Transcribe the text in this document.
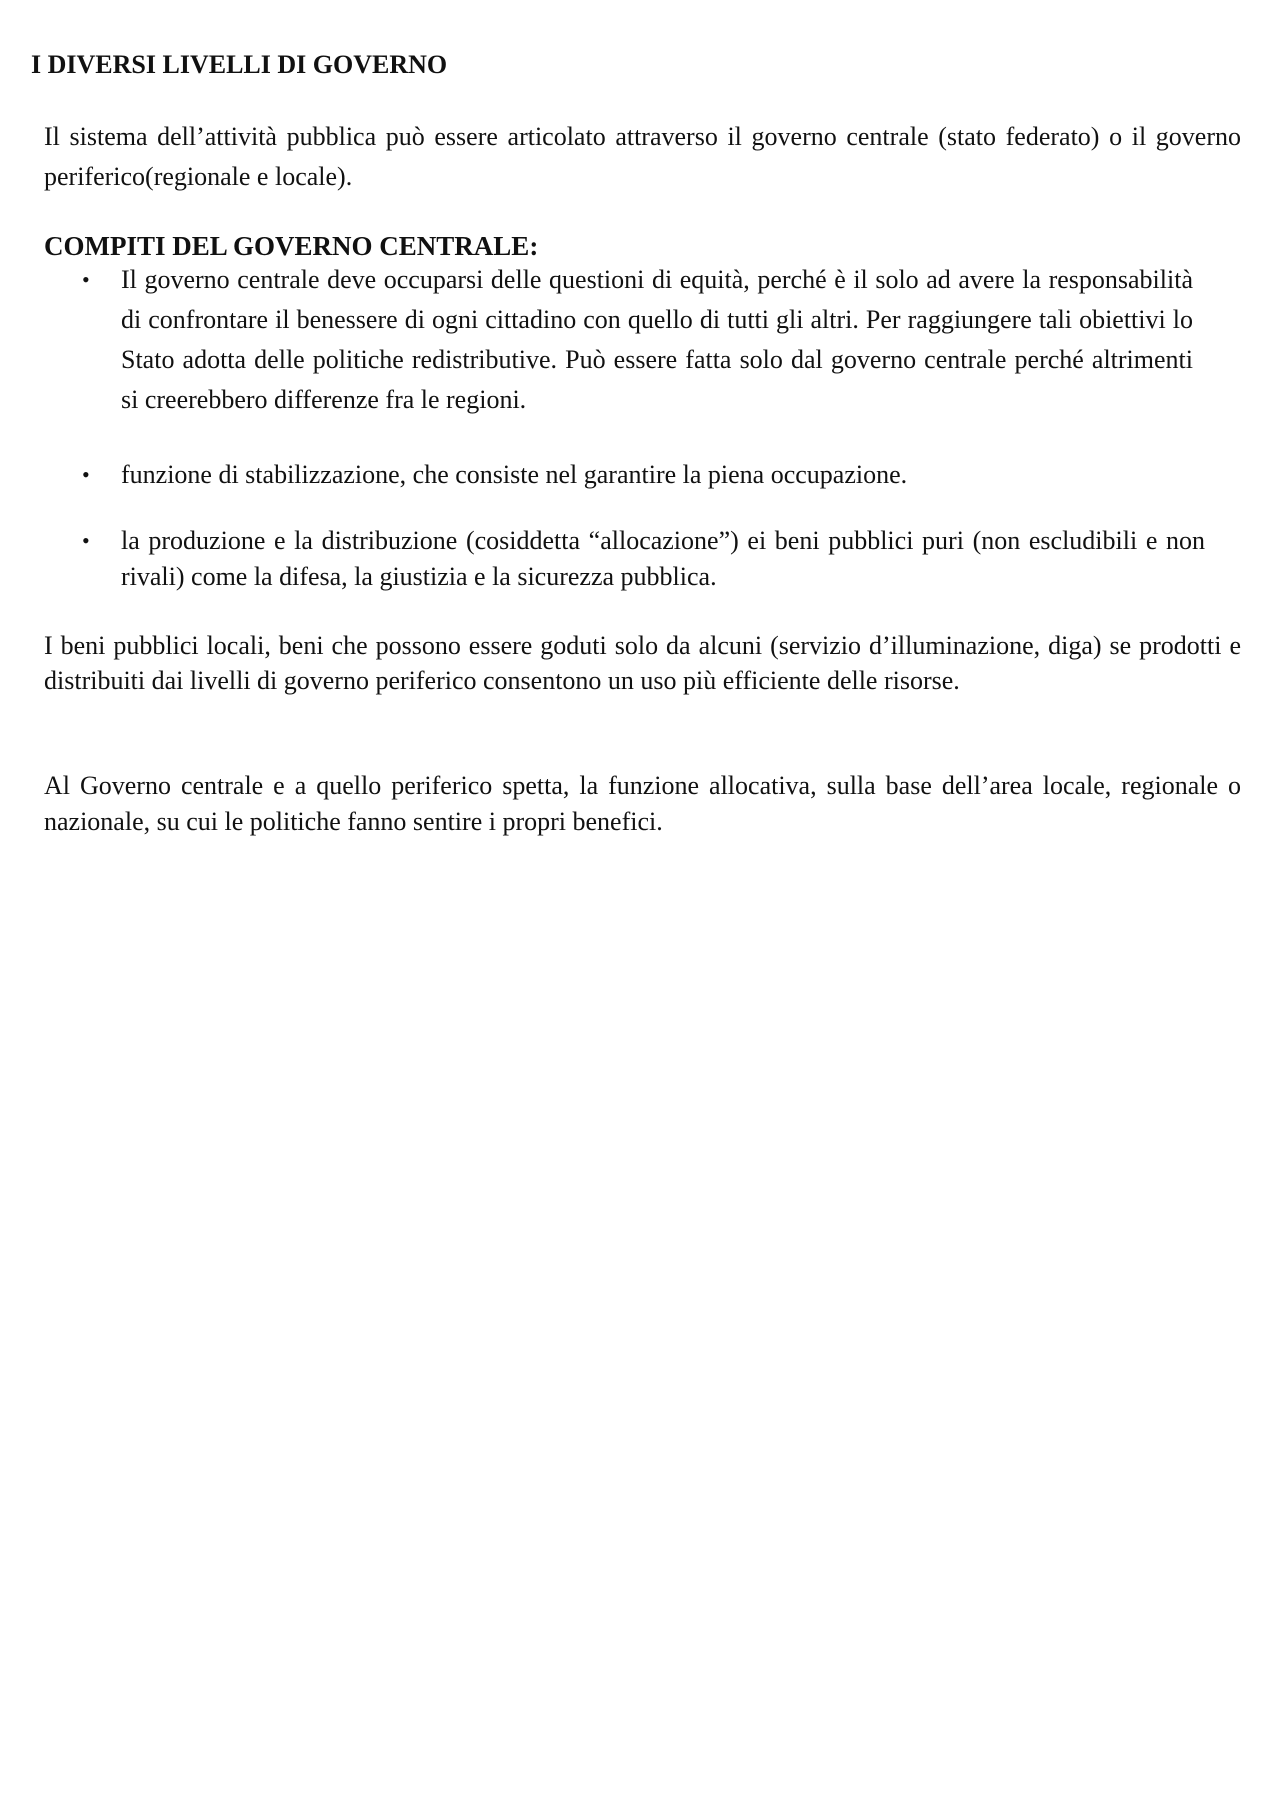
I DIVERSI LIVELLI DI GOVERNO

Il sistema dell’attività pubblica può essere articolato attraverso il governo centrale (stato federato) o il governo periferico(regionale e locale).

COMPITI DEL GOVERNO CENTRALE:
• Il governo centrale deve occuparsi delle questioni di equità, perché è il solo ad avere la responsabilità di confrontare il benessere di ogni cittadino con quello di tutti gli altri. Per raggiungere tali obiettivi lo Stato adotta delle politiche redistributive. Può essere fatta solo dal governo centrale perché altrimenti si creerebbero differenze fra le regioni.
• funzione di stabilizzazione, che consiste nel garantire la piena occupazione.
• la produzione e la distribuzione (cosiddetta “allocazione”) ei beni pubblici puri (non escludibili e non rivali) come la difesa, la giustizia e la sicurezza pubblica.

I beni pubblici locali, beni che possono essere goduti solo da alcuni (servizio d’illuminazione, diga) se prodotti e distribuiti dai livelli di governo periferico consentono un uso più efficiente delle risorse.

Al Governo centrale e a quello periferico spetta, la funzione allocativa, sulla base dell’area locale, regionale o nazionale, su cui le politiche fanno sentire i propri benefici.
